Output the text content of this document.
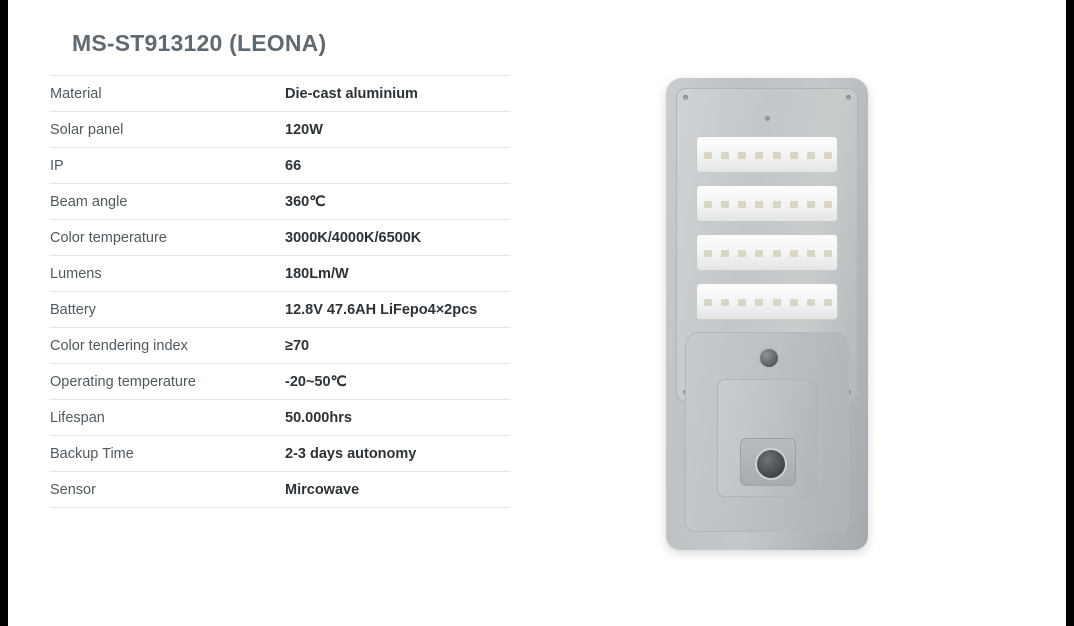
MS-ST913120 (LEONA)
Material	Die-cast aluminium
Solar panel	120W
IP	66
Beam angle	360℃
Color temperature	3000K/4000K/6500K
Lumens	180Lm/W
Battery	12.8V 47.6AH LiFepo4×2pcs
Color tendering index	≥70
Operating temperature	-20~50℃
Lifespan	50.000hrs
Backup Time	2-3 days autonomy
Sensor	Mircowave
